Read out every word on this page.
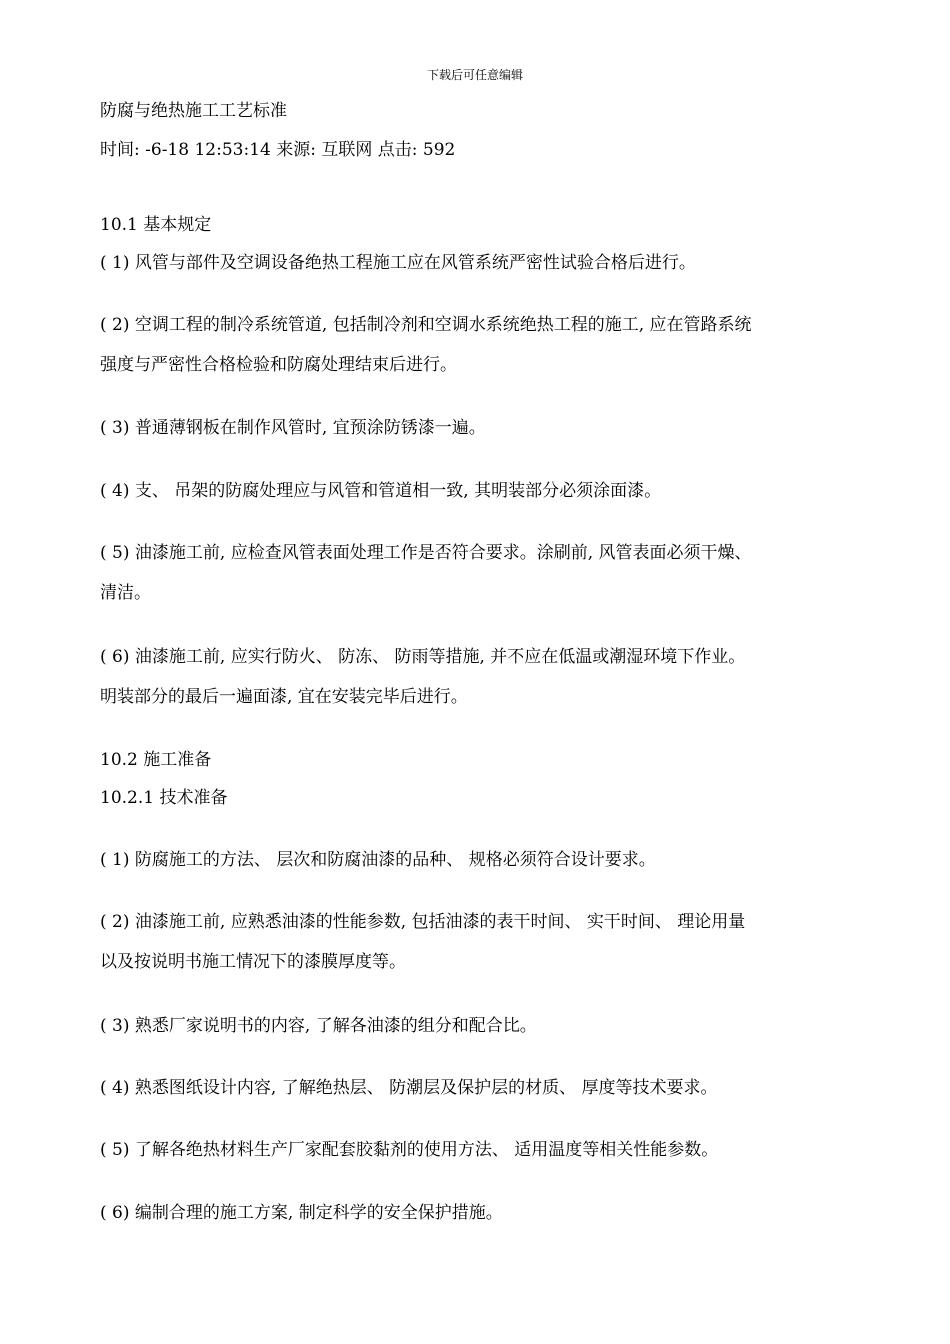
下载后可任意编辑
防腐与绝热施工工艺标准
时间: -6-18 12:53:14 来源: 互联网 点击: 592
10.1 基本规定
( 1) 风管与部件及空调设备绝热工程施工应在风管系统严密性试验合格后进行。
( 2) 空调工程的制冷系统管道, 包括制冷剂和空调水系统绝热工程的施工, 应在管路系统
强度与严密性合格检验和防腐处理结束后进行。
( 3) 普通薄钢板在制作风管时, 宜预涂防锈漆一遍。
( 4) 支、 吊架的防腐处理应与风管和管道相一致, 其明装部分必须涂面漆。
( 5) 油漆施工前, 应检查风管表面处理工作是否符合要求。涂刷前, 风管表面必须干燥、
清洁。
( 6) 油漆施工前, 应实行防火、 防冻、 防雨等措施, 并不应在低温或潮湿环境下作业。
明装部分的最后一遍面漆, 宜在安装完毕后进行。
10.2 施工准备
10.2.1 技术准备
( 1) 防腐施工的方法、 层次和防腐油漆的品种、 规格必须符合设计要求。
( 2) 油漆施工前, 应熟悉油漆的性能参数, 包括油漆的表干时间、 实干时间、 理论用量
以及按说明书施工情况下的漆膜厚度等。
( 3) 熟悉厂家说明书的内容, 了解各油漆的组分和配合比。
( 4) 熟悉图纸设计内容, 了解绝热层、 防潮层及保护层的材质、 厚度等技术要求。
( 5) 了解各绝热材料生产厂家配套胶黏剂的使用方法、 适用温度等相关性能参数。
( 6) 编制合理的施工方案, 制定科学的安全保护措施。
